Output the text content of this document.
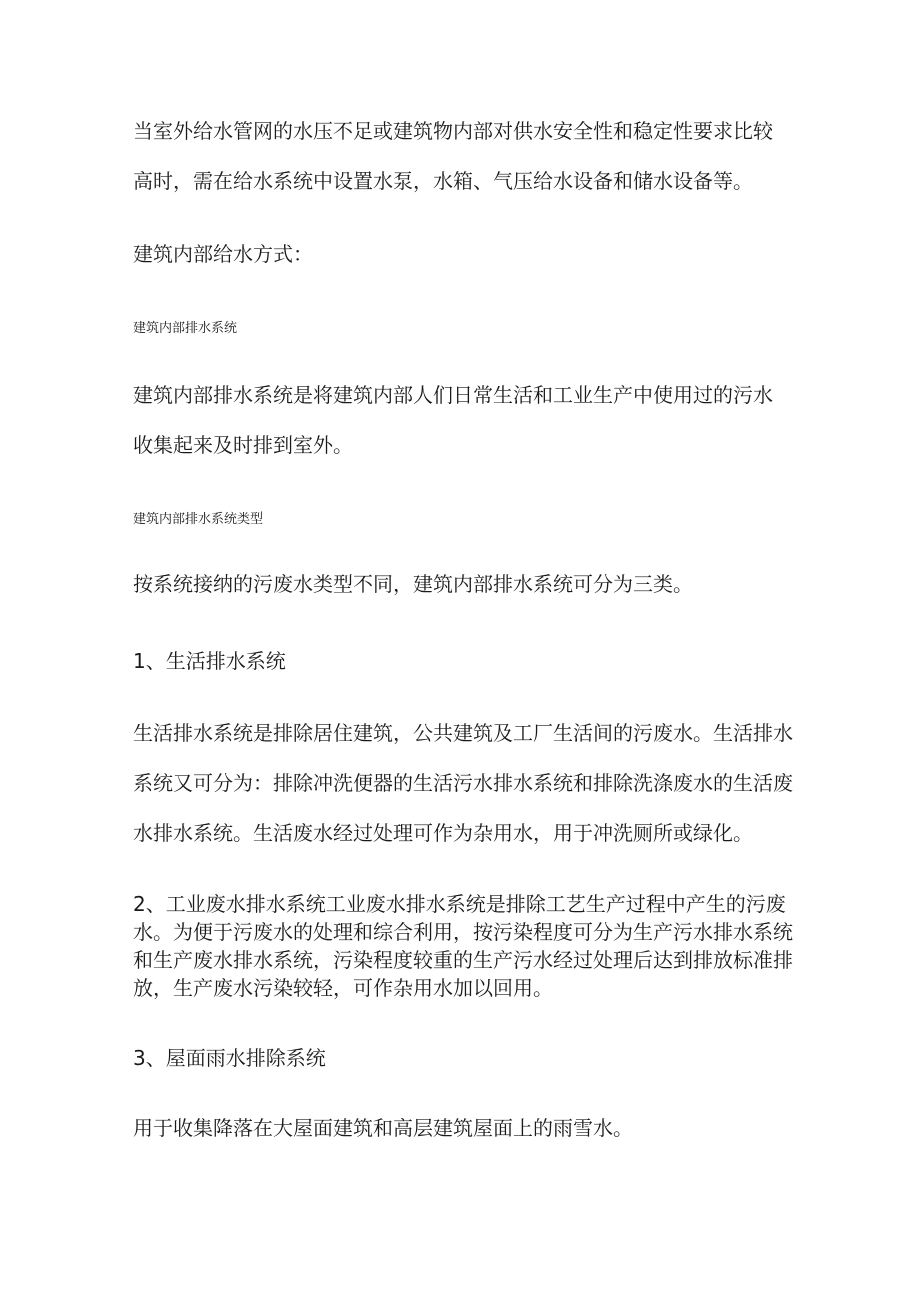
当室外给水管网的水压不足或建筑物内部对供水安全性和稳定性要求比较
高时，需在给水系统中设置水泵，水箱、气压给水设备和储水设备等。
建筑内部给水方式：
建筑内部排水系统
建筑内部排水系统是将建筑内部人们日常生活和工业生产中使用过的污水
收集起来及时排到室外。
建筑内部排水系统类型
按系统接纳的污废水类型不同，建筑内部排水系统可分为三类。
1、生活排水系统
生活排水系统是排除居住建筑，公共建筑及工厂生活间的污废水。生活排水
系统又可分为：排除冲洗便器的生活污水排水系统和排除洗涤废水的生活废
水排水系统。生活废水经过处理可作为杂用水，用于冲洗厕所或绿化。
2、工业废水排水系统工业废水排水系统是排除工艺生产过程中产生的污废
水。为便于污废水的处理和综合利用，按污染程度可分为生产污水排水系统
和生产废水排水系统，污染程度较重的生产污水经过处理后达到排放标准排
放，生产废水污染较轻，可作杂用水加以回用。
3、屋面雨水排除系统
用于收集降落在大屋面建筑和高层建筑屋面上的雨雪水。
